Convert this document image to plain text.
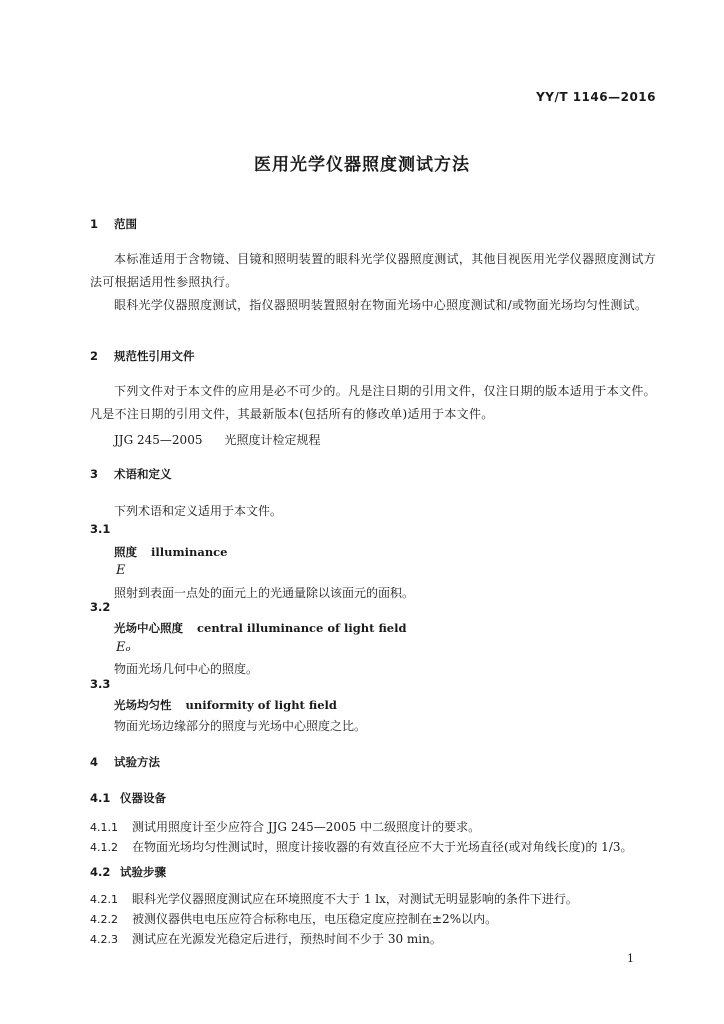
YY/T 1146—2016
医用光学仪器照度测试方法
1 范围
本标准适用于含物镜、目镜和照明装置的眼科光学仪器照度测试，其他目视医用光学仪器照度测试方法可根据适用性参照执行。
眼科光学仪器照度测试，指仪器照明装置照射在物面光场中心照度测试和/或物面光场均匀性测试。
2 规范性引用文件
下列文件对于本文件的应用是必不可少的。凡是注日期的引用文件，仅注日期的版本适用于本文件。凡是不注日期的引用文件，其最新版本(包括所有的修改单)适用于本文件。
JJG 245—2005 光照度计检定规程
3 术语和定义
下列术语和定义适用于本文件。
3.1
照度 illuminance
E
照射到表面一点处的面元上的光通量除以该面元的面积。
3.2
光场中心照度 central illuminance of light field
Eₒ
物面光场几何中心的照度。
3.3
光场均匀性 uniformity of light field
物面光场边缘部分的照度与光场中心照度之比。
4 试验方法
4.1 仪器设备
4.1.1 测试用照度计至少应符合 JJG 245—2005 中二级照度计的要求。
4.1.2 在物面光场均匀性测试时，照度计接收器的有效直径应不大于光场直径(或对角线长度)的 1/3。
4.2 试验步骤
4.2.1 眼科光学仪器照度测试应在环境照度不大于 1 lx，对测试无明显影响的条件下进行。
4.2.2 被测仪器供电电压应符合标称电压，电压稳定度应控制在±2%以内。
4.2.3 测试应在光源发光稳定后进行，预热时间不少于 30 min。
1
